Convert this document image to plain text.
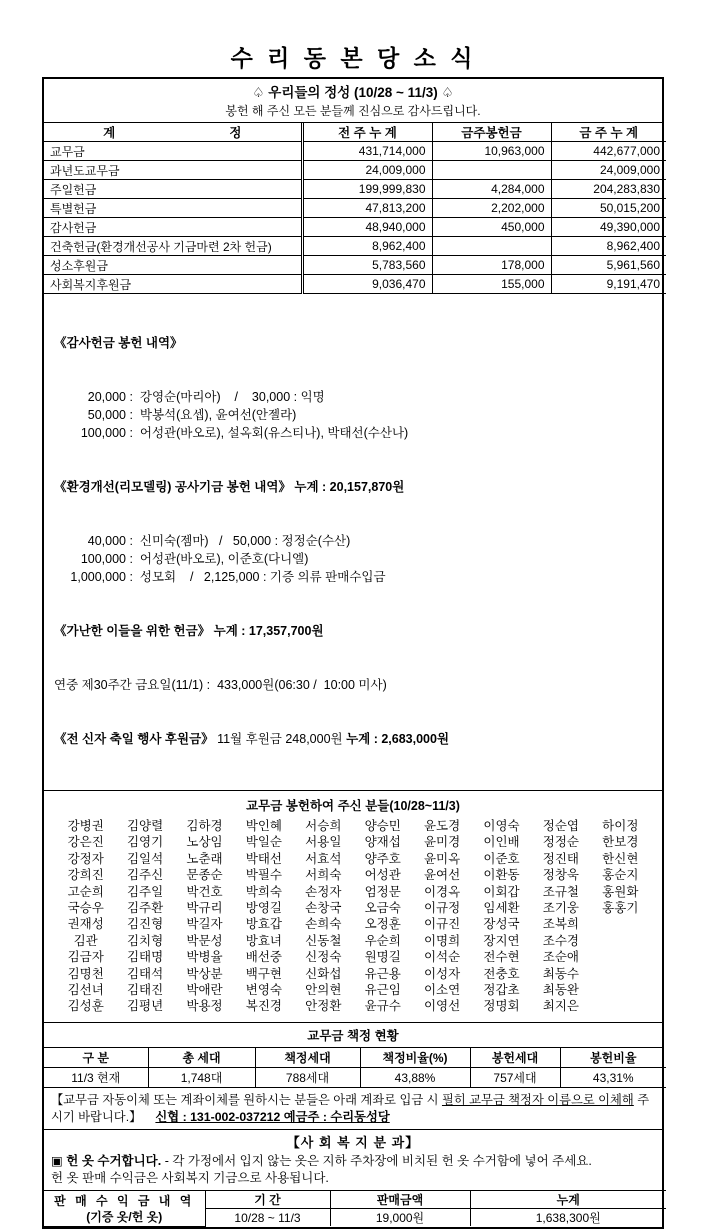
수 리 동 본 당 소 식
♤ 우리들의 정성 (10/28 ~ 11/3) ♤
봉헌 해 주신 모든 분들께 진심으로 감사드립니다.
계 정	전 주 누 계	금주봉헌금	금 주 누 계
교무금	431,714,000	10,963,000	442,677,000
과년도교무금	24,009,000		24,009,000
주일헌금	199,999,830	4,284,000	204,283,830
특별헌금	47,813,200	2,202,000	50,015,200
감사헌금	48,940,000	450,000	49,390,000
건축헌금(환경개선공사 기금마련 2차 헌금)	8,962,400		8,962,400
성소후원금	5,783,560	178,000	5,961,560
사회복지후원금	9,036,470	155,000	9,191,470

《감사헌금 봉헌 내역》

20,000 :  강영순(마리아)    /    30,000 : 익명
50,000 :  박봉석(요셉), 윤여선(안젤라)
100,000 :  어성관(바오로), 설옥회(유스티나), 박태선(수산나)

《환경개선(리모델링) 공사기금 봉헌 내역》 누계 : 20,157,870원

40,000 :  신미숙(젬마)   /   50,000 : 정정순(수산)
100,000 :  어성관(바오로), 이준호(다니엘)
1,000,000 :  성모회    /   2,125,000 : 기증 의류 판매수입금

《가난한 이들을 위한 헌금》 누계 : 17,357,700원

연중 제30주간 금요일(11/1) :  433,000원(06:30 /  10:00 미사)

《전 신자 축일 행사 후원금》 11월 후원금 248,000원 누계 : 2,683,000원

교무금 봉헌하여 주신 분들(10/28~11/3)
강병권	김양렬	김하경	박인혜	서승희	양승민	윤도경	이영숙	정순엽	하이정
강은진	김영기	노상임	박일순	서용일	양재섭	윤미경	이인배	정정순	한보경
강정자	김일석	노춘래	박태선	서효석	양주호	윤미옥	이준호	정진태	한신현
강희진	김주신	문종순	박필수	서희숙	어성관	윤여선	이환동	정창욱	홍순지
고순희	김주일	박건호	박희숙	손정자	엄정문	이경옥	이회갑	조규철	홍원화
국승우	김주환	박규리	방영길	손창국	오금숙	이규정	임세환	조기웅	홍홍기
권재성	김진형	박길자	방효갑	손희숙	오정훈	이규진	장성국	조복희
김관	김치형	박문성	방효녀	신동철	우순희	이명희	장지연	조수경
김금자	김태명	박병율	배선중	신정숙	원명길	이석순	전수현	조순애
김명천	김태석	박상분	백구현	신화섭	유근용	이성자	전충호	최동수
김선녀	김태진	박애란	변영숙	안의현	유근임	이소연	정갑초	최동완
김성훈	김평년	박용정	복진경	안정환	윤규수	이영선	정명회	최지은
교무금 책정 현황
구 분	총 세대	책정세대	책정비율(%)	봉헌세대	봉헌비율
11/3 현재	1,748대	788세대	43,88%	757세대	43,31%
【교무금 자동이체 또는 계좌이체를 원하시는 분들은 아래 계좌로 입금 시 필히 교무금 책정자 이름으로 이체해 주시기 바랍니다.】 신협 : 131-002-037212 예금주 : 수리동성당
【사 회 복 지 분 과】
▣ 헌 옷 수거합니다. - 각 가정에서 입지 않는 옷은 지하 주차장에 비치된 헌 옷 수거함에 넣어 주세요.
헌 옷 판매 수익금은 사회복지 기금으로 사용됩니다.
판 매 수 익 금 내 역
(기증 옷/헌 옷)	기 간	판매금액	누계
	10/28 ~ 11/3	19,000원	1,638,300원
